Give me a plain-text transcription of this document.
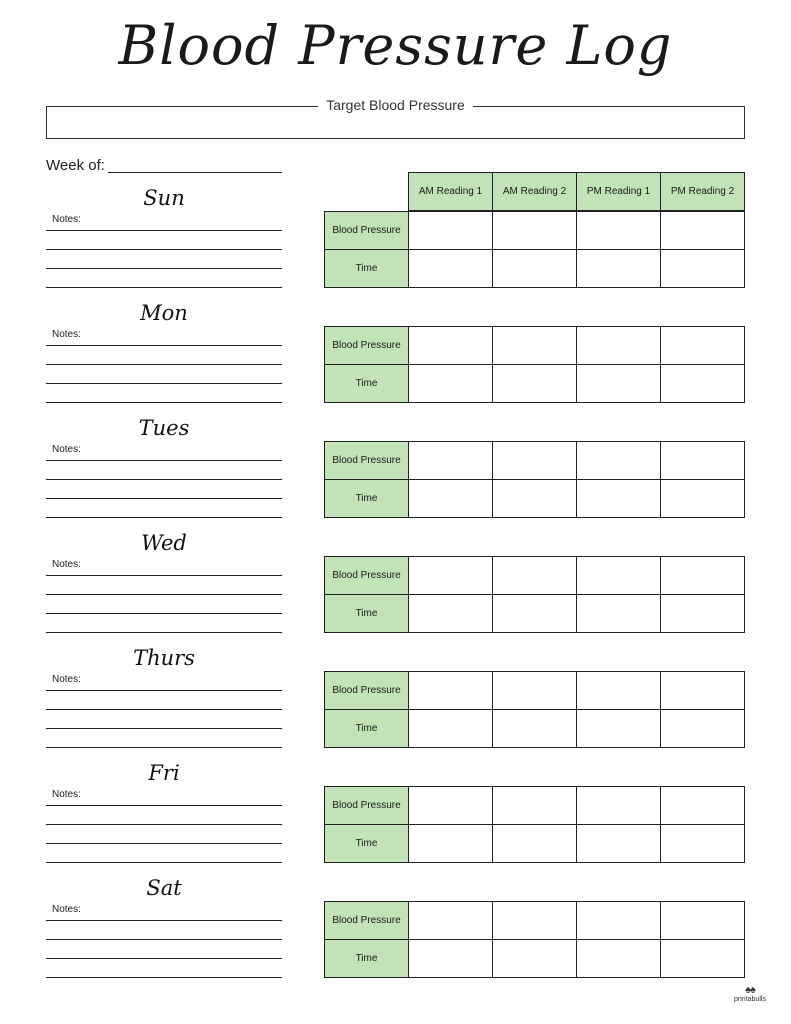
Blood Pressure Log
Target Blood Pressure
Week of:
Sun
Notes:
Mon
Notes:
Tues
Notes:
Wed
Notes:
Thurs
Notes:
Fri
Notes:
Sat
Notes:
AM Reading 1	AM Reading 2	PM Reading 1	PM Reading 2
Blood Pressure				
Time				
Blood Pressure				
Time				
Blood Pressure				
Time				
Blood Pressure				
Time				
Blood Pressure				
Time				
Blood Pressure				
Time				
Blood Pressure				
Time				
♠♠
printabulls
